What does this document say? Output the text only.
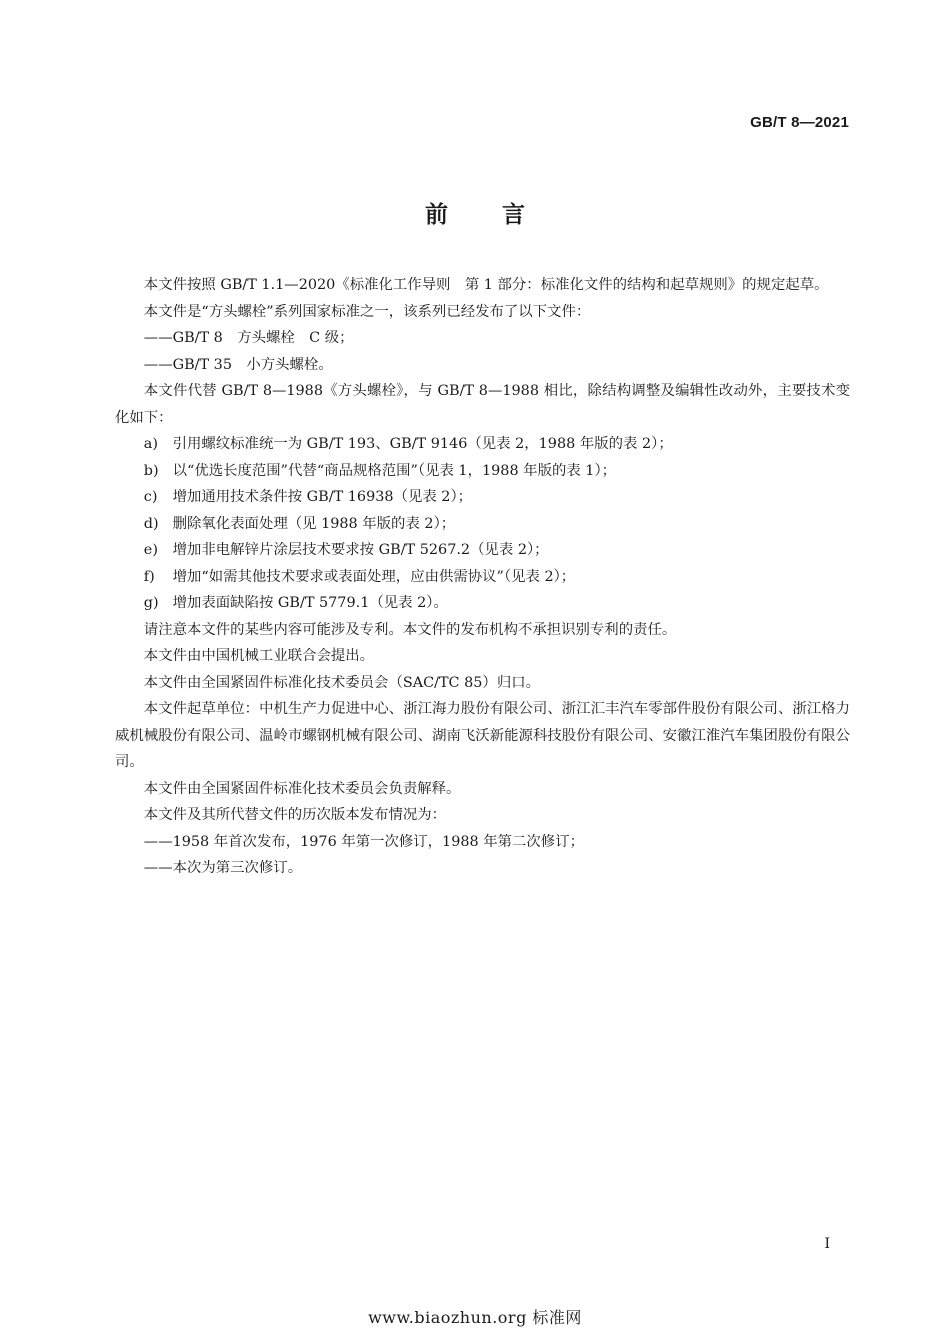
GB/T 8—2021
前言

本文件按照 GB/T 1.1—2020《标准化工作导则　第 1 部分：标准化文件的结构和起草规则》的规定起草。

本文件是“方头螺栓”系列国家标准之一，该系列已经发布了以下文件：

——GB/T 8　方头螺栓　C 级；

——GB/T 35　小方头螺栓。

本文件代替 GB/T 8—1988《方头螺栓》，与 GB/T 8—1988 相比，除结构调整及编辑性改动外，主要技术变化如下：

a)	引用螺纹标准统一为 GB/T 193、GB/T 9146（见表 2，1988 年版的表 2）；
b) 以“优选长度范围”代替“商品规格范围”（见表 1，1988 年版的表 1）；
c)	增加通用技术条件按 GB/T 16938（见表 2）；
d) 删除氧化表面处理（见 1988 年版的表 2）；
e)	增加非电解锌片涂层技术要求按 GB/T 5267.2（见表 2）；
f)	增加“如需其他技术要求或表面处理，应由供需协议”（见表 2）；
g) 增加表面缺陷按 GB/T 5779.1（见表 2）。

请注意本文件的某些内容可能涉及专利。本文件的发布机构不承担识别专利的责任。

本文件由中国机械工业联合会提出。

本文件由全国紧固件标准化技术委员会（SAC/TC 85）归口。

本文件起草单位：中机生产力促进中心、浙江海力股份有限公司、浙江汇丰汽车零部件股份有限公司、浙江格力威机械股份有限公司、温岭市螺钢机械有限公司、湖南飞沃新能源科技股份有限公司、安徽江淮汽车集团股份有限公司。

本文件由全国紧固件标准化技术委员会负责解释。

本文件及其所代替文件的历次版本发布情况为：

——1958 年首次发布，1976 年第一次修订，1988 年第二次修订；

——本次为第三次修订。

I
www.biaozhun.org 标准网
